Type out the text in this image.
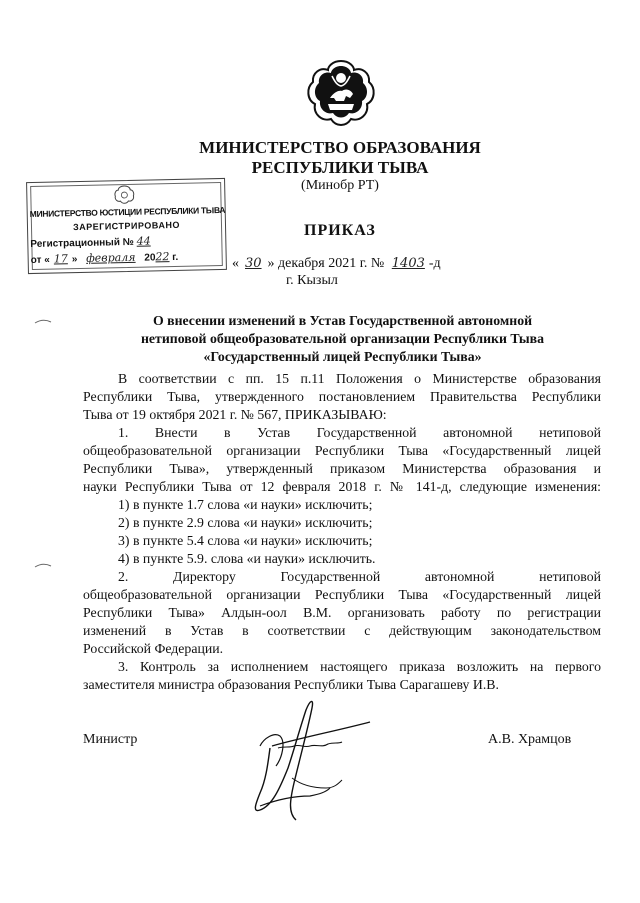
МИНИСТЕРСТВО ОБРАЗОВАНИЯ
РЕСПУБЛИКИ ТЫВА
(Минобр РТ)
МИНИСТЕРСТВО ЮСТИЦИИ РЕСПУБЛИКИ ТЫВА
ЗАРЕГИСТРИРОВАНО
Регистрационный № 44
от « 17 » февраля 2022 г.
ПРИКАЗ
« 30 » декабря 2021 г. № 1403 -д
г. Кызыл
О внесении изменений в Устав Государственной автономной
нетиповой общеобразовательной организации Республики Тыва
«Государственный лицей Республики Тыва»

В соответствии с пп. 15 п.11 Положения о Министерстве образования

Республики Тыва, утвержденного постановлением Правительства Республики

Тыва от 19 октября 2021 г. № 567, ПРИКАЗЫВАЮ:

1. Внести в Устав Государственной автономной нетиповой

общеобразовательной организации Республики Тыва «Государственный лицей

Республики Тыва», утвержденный приказом Министерства образования и

науки Республики Тыва от 12 февраля 2018 г. № 141-д, следующие изменения:

1) в пункте 1.7 слова «и науки» исключить;

2) в пункте 2.9 слова «и науки» исключить;

3) в пункте 5.4 слова «и науки» исключить;

4) в пункте 5.9. слова «и науки» исключить.

2. Директору Государственной автономной нетиповой

общеобразовательной организации Республики Тыва «Государственный лицей

Республики Тыва» Алдын-оол В.М. организовать работу по регистрации

изменений в Устав в соответствии с действующим законодательством

Российской Федерации.

3. Контроль за исполнением настоящего приказа возложить на первого

заместителя министра образования Республики Тыва Сарагашеву И.В.

Министр	А.В. Храмцов
